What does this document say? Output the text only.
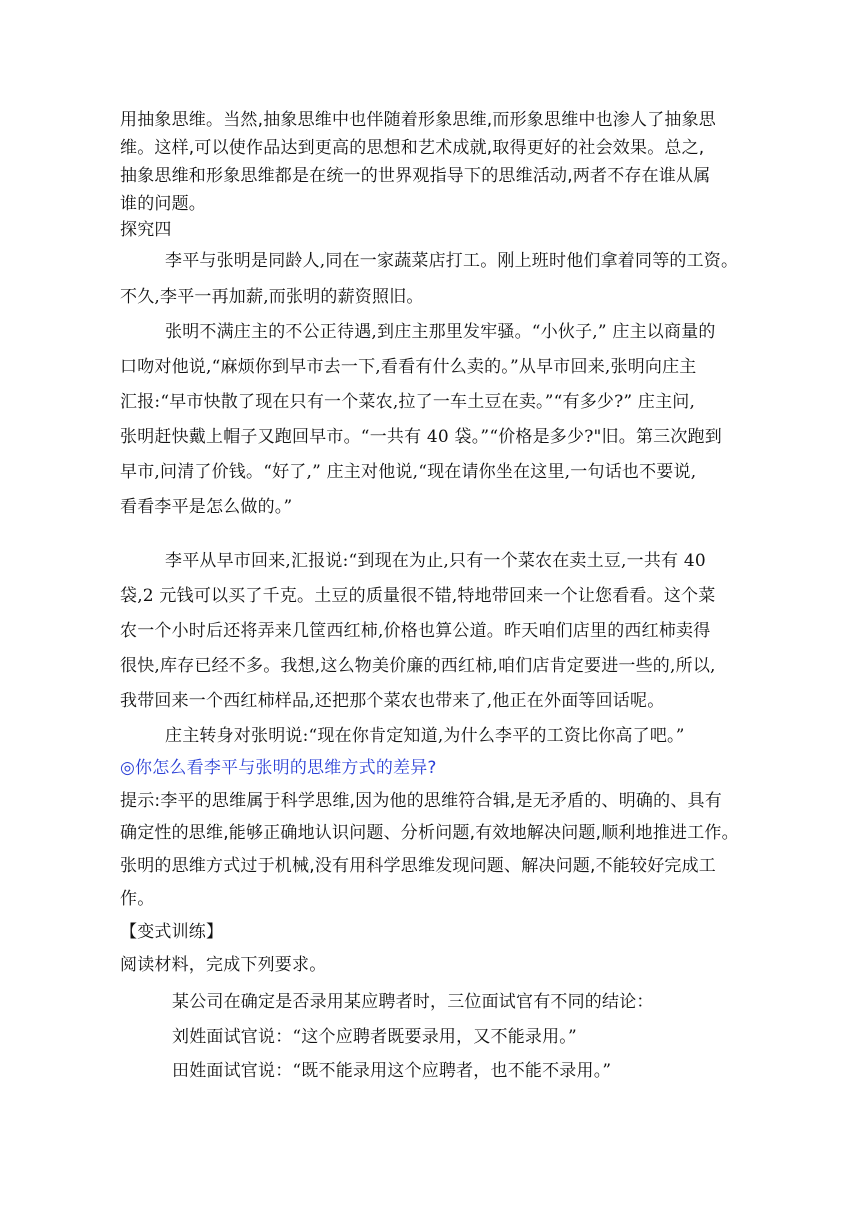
用抽象思维。当然,抽象思维中也伴随着形象思维,而形象思维中也渗人了抽象思
维。这样,可以使作品达到更高的思想和艺术成就,取得更好的社会效果。总之,
抽象思维和形象思维都是在统一的世界观指导下的思维活动,两者不存在谁从属
谁的问题。
探究四
李平与张明是同龄人,同在一家蔬菜店打工。刚上班时他们拿着同等的工资。
不久,李平一再加薪,而张明的薪资照旧。
张明不满庄主的不公正待遇,到庄主那里发牢骚。“小伙子,” 庄主以商量的
口吻对他说,“麻烦你到早市去一下,看看有什么卖的。”从早市回来,张明向庄主
汇报:“早市快散了现在只有一个菜农,拉了一车土豆在卖。”“有多少?” 庄主问,
张明赶快戴上帽子又跑回早市。“一共有 40 袋。”“价格是多少?"旧。第三次跑到
早市,问清了价钱。“好了,” 庄主对他说,“现在请你坐在这里,一句话也不要说,
看看李平是怎么做的。”
李平从早市回来,汇报说:“到现在为止,只有一个菜农在卖土豆,一共有 40
袋,2 元钱可以买了千克。土豆的质量很不错,特地带回来一个让您看看。这个菜
农一个小时后还将弄来几筐西红柿,价格也算公道。昨天咱们店里的西红柿卖得
很快,库存已经不多。我想,这么物美价廉的西红柿,咱们店肯定要进一些的,所以,
我带回来一个西红柿样品,还把那个菜农也带来了,他正在外面等回话呢。
庄主转身对张明说:“现在你肯定知道,为什么李平的工资比你高了吧。”
◎你怎么看李平与张明的思维方式的差异?
提示:李平的思维属于科学思维,因为他的思维符合辑,是无矛盾的、明确的、具有
确定性的思维,能够正确地认识问题、分析问题,有效地解决问题,顺利地推进工作。
张明的思维方式过于机械,没有用科学思维发现问题、解决问题,不能较好完成工
作。
【变式训练】
阅读材料，完成下列要求。
某公司在确定是否录用某应聘者时，三位面试官有不同的结论：
刘姓面试官说：“这个应聘者既要录用，又不能录用。”
田姓面试官说：“既不能录用这个应聘者，也不能不录用。”
